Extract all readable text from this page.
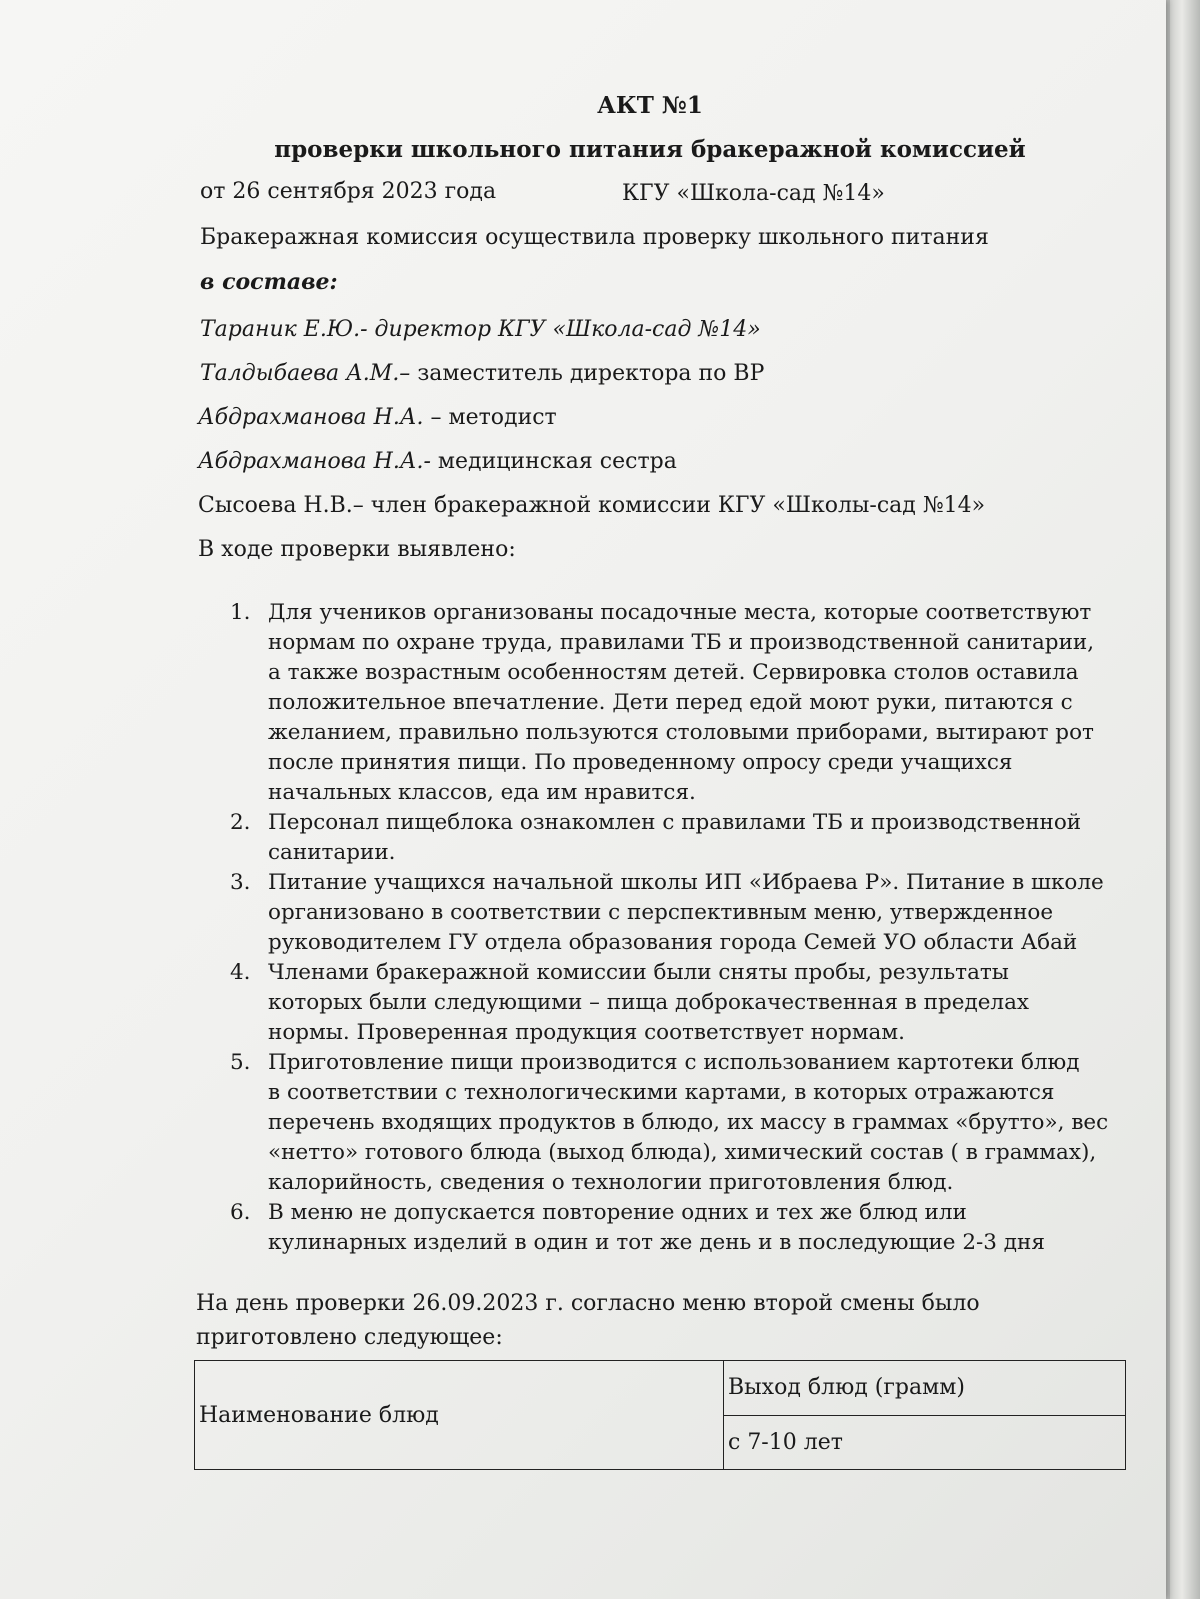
АКТ №1
проверки школьного питания бракеражной комиссией
от 26 сентября 2023 года	КГУ «Школа-сад №14»
Бракеражная комиссия осуществила проверку школьного питания
в составе:
Тараник Е.Ю.- директор КГУ «Школа-сад №14»
Талдыбаева А.М.– заместитель директора по ВР
Абдрахманова Н.А. – методист
Абдрахманова Н.А.- медицинская сестра
Сысоева Н.В.– член бракеражной комиссии КГУ «Школы-сад №14»
В ходе проверки выявлено:
1. Для учеников организованы посадочные места, которые соответствуют
нормам по охране труда, правилами ТБ и производственной санитарии,
а также возрастным особенностям детей. Сервировка столов оставила
положительное впечатление. Дети перед едой моют руки, питаются с
желанием, правильно пользуются столовыми приборами, вытирают рот
после принятия пищи. По проведенному опросу среди учащихся
начальных классов, еда им нравится.
2. Персонал пищеблока ознакомлен с правилами ТБ и производственной
санитарии.
3. Питание учащихся начальной школы ИП «Ибраева Р». Питание в школе
организовано в соответствии с перспективным меню, утвержденное
руководителем ГУ отдела образования города Семей УО области Абай
4. Членами бракеражной комиссии были сняты пробы, результаты
которых были следующими – пища доброкачественная в пределах
нормы. Проверенная продукция соответствует нормам.
5. Приготовление пищи производится с использованием картотеки блюд
в соответствии с технологическими картами, в которых отражаются
перечень входящих продуктов в блюдо, их массу в граммах «брутто», вес
«нетто» готового блюда (выход блюда), химический состав ( в граммах),
калорийность, сведения о технологии приготовления блюд.
6. В меню не допускается повторение одних и тех же блюд или
кулинарных изделий в один и тот же день и в последующие 2-3 дня
На день проверки 26.09.2023 г. согласно меню второй смены было
приготовлено следующее:
Наименование блюд	Выход блюд (грамм)
с 7-10 лет
